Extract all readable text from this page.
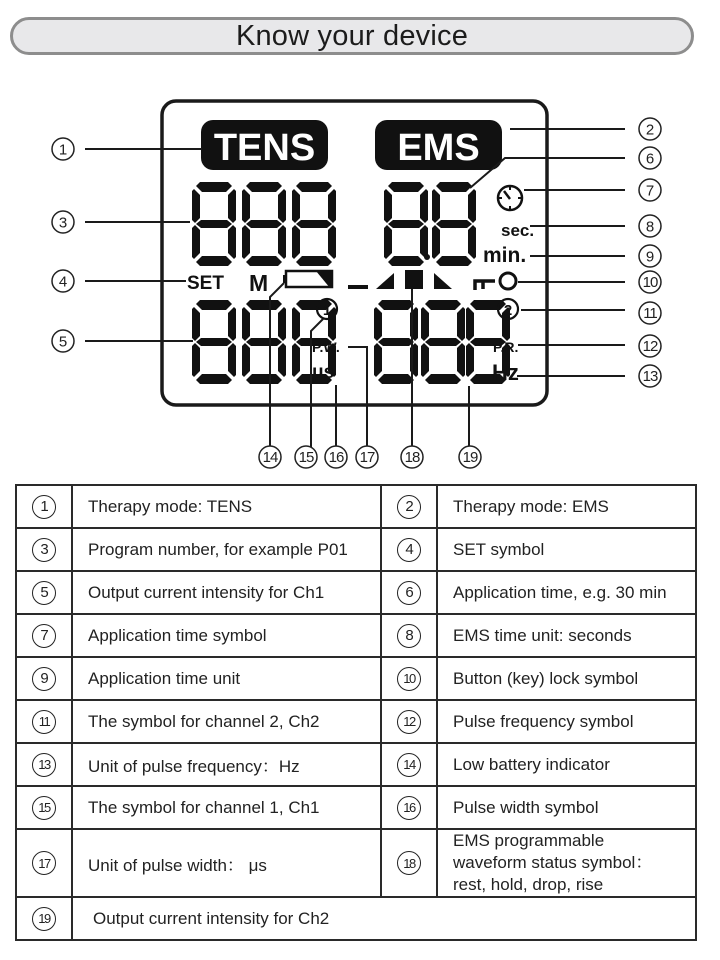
Know your device
TENS EMS
sec.
min.
SET M
1
P.W.
μs
2
P.R.
Hz
1
3
4
5
2
6
7
8
9
10
11
12
13
14 15 16 17 18	19
1	Therapy mode: TENS	2	Therapy mode: EMS
3	Program number, for example P01	4	SET symbol
5	Output current intensity for Ch1	6	Application time, e.g. 30 min
7	Application time symbol	8	EMS time unit: seconds
9	Application time unit	10	Button (key) lock symbol
11	The symbol for channel 2, Ch2	12	Pulse frequency symbol
13	Unit of pulse frequency：Hz	14	Low battery indicator
15	The symbol for channel 1, Ch1	16	Pulse width symbol
17	Unit of pulse width： μs	18	EMS programmable
waveform status symbol：
rest, hold, drop, rise

19	Output current intensity for Ch2		
